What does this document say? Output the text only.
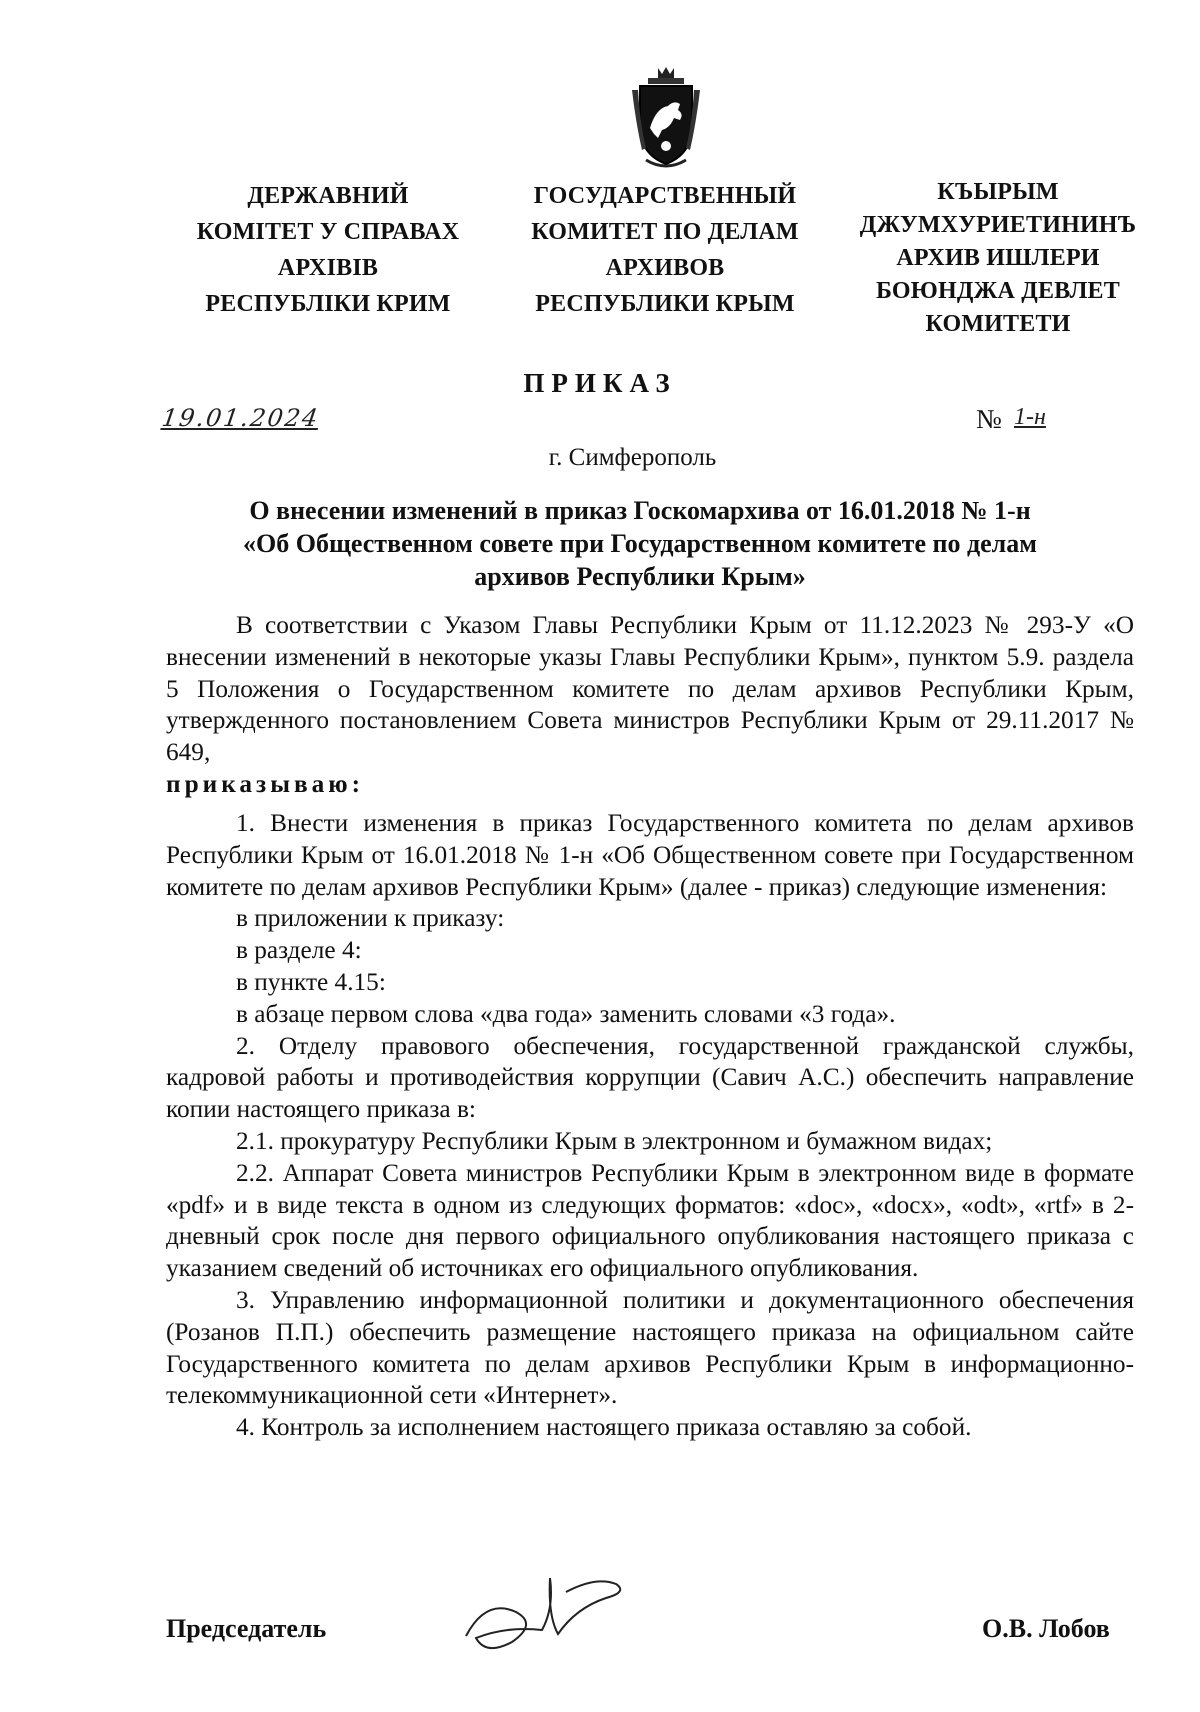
ДЕРЖАВНИЙ
КОМІТЕТ У СПРАВАХ
АРХІВІВ
РЕСПУБЛІКИ КРИМ
ГОСУДАРСТВЕННЫЙ
КОМИТЕТ ПО ДЕЛАМ
АРХИВОВ
РЕСПУБЛИКИ КРЫМ
КЪЫРЫМ
ДЖУМХУРИЕТИНИНЪ
АРХИВ ИШЛЕРИ
БОЮНДЖА ДЕВЛЕТ
КОМИТЕТИ
ПРИКАЗ
19.01.2024	№ 1-н
г. Симферополь
О внесении изменений в приказ Госкомархива от 16.01.2018 № 1-н
«Об Общественном совете при Государственном комитете по делам
архивов Республики Крым»

В соответствии с Указом Главы Республики Крым от 11.12.2023 № 293-У «О внесении изменений в некоторые указы Главы Республики Крым», пунктом 5.9. раздела 5 Положения о Государственном комитете по делам архивов Республики Крым, утвержденного постановлением Совета министров Республики Крым от 29.11.2017 № 649,

приказываю:

1. Внести изменения в приказ Государственного комитета по делам архивов Республики Крым от 16.01.2018 № 1-н «Об Общественном совете при Государственном комитете по делам архивов Республики Крым» (далее - приказ) следующие изменения:

в приложении к приказу:

в разделе 4:

в пункте 4.15:

в абзаце первом слова «два года» заменить словами «3 года».

2. Отделу правового обеспечения, государственной гражданской службы, кадровой работы и противодействия коррупции (Савич А.С.) обеспечить направление копии настоящего приказа в:

2.1. прокуратуру Республики Крым в электронном и бумажном видах;

2.2. Аппарат Совета министров Республики Крым в электронном виде в формате «pdf» и в виде текста в одном из следующих форматов: «doc», «docx», «odt», «rtf» в 2-дневный срок после дня первого официального опубликования настоящего приказа с указанием сведений об источниках его официального опубликования.

3. Управлению информационной политики и документационного обеспечения (Розанов П.П.) обеспечить размещение настоящего приказа на официальном сайте Государственного комитета по делам архивов Республики Крым в информационно-телекоммуникационной сети «Интернет».

4. Контроль за исполнением настоящего приказа оставляю за собой.

Председатель	О.В. Лобов
